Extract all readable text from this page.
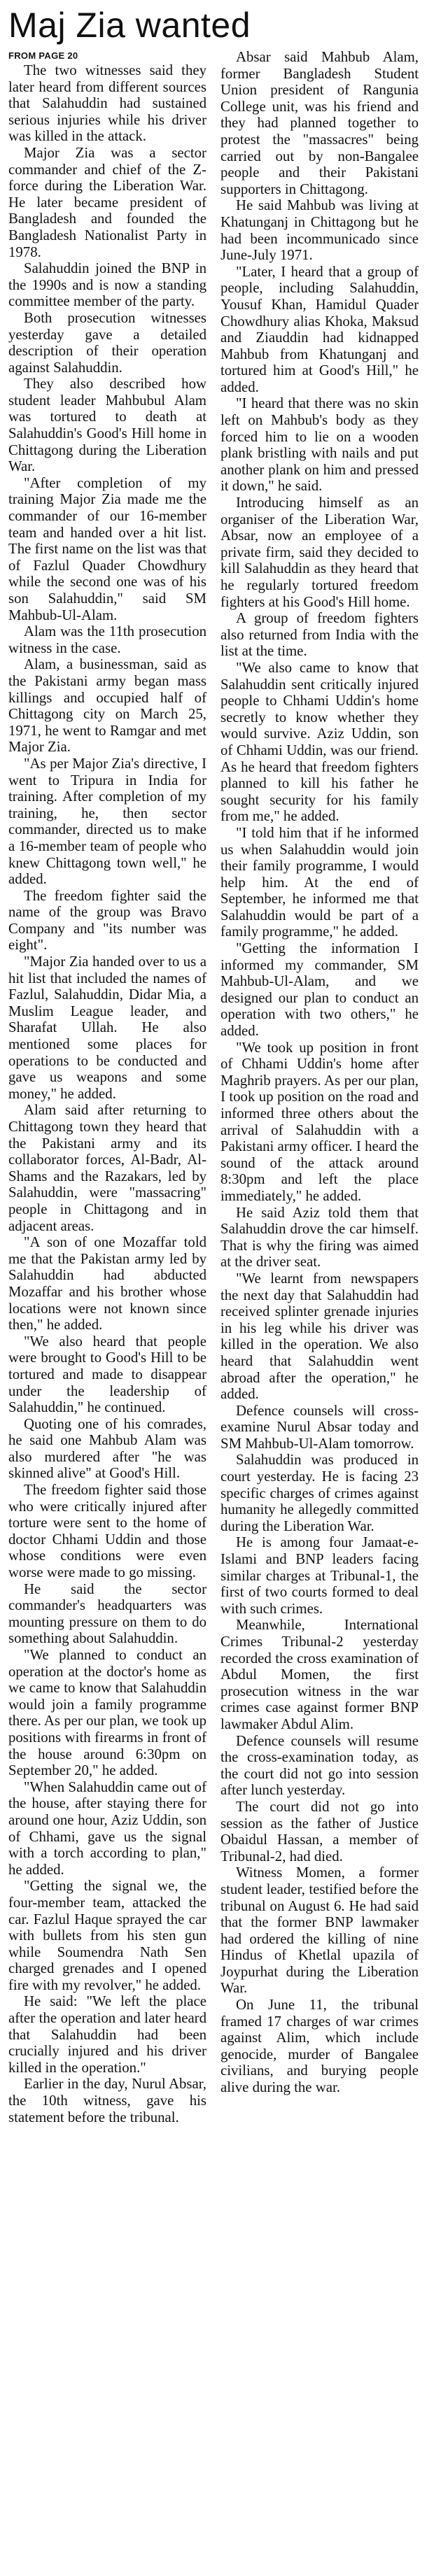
Maj Zia wanted
FROM PAGE 20

The two witnesses said they later heard from different sources that Salahuddin had sustained serious injuries while his driver was killed in the attack.

Major Zia was a sector commander and chief of the Z-force during the Liberation War. He later became president of Bangladesh and founded the Bangladesh Nationalist Party in 1978.

Salahuddin joined the BNP in the 1990s and is now a standing committee member of the party.

Both prosecution witnesses yesterday gave a detailed description of their operation against Salahuddin.

They also described how student leader Mahbubul Alam was tortured to death at Salahuddin's Good's Hill home in Chittagong during the Liberation War.

"After completion of my training Major Zia made me the commander of our 16-member team and handed over a hit list. The first name on the list was that of Fazlul Quader Chowdhury while the second one was of his son Salahuddin," said SM Mahbub-Ul-Alam.

Alam was the 11th prosecution witness in the case.

Alam, a businessman, said as the Pakistani army began mass killings and occupied half of Chittagong city on March 25, 1971, he went to Ramgar and met Major Zia.

"As per Major Zia's directive, I went to Tripura in India for training. After completion of my training, he, then sector commander, directed us to make a 16-member team of people who knew Chittagong town well," he added.

The freedom fighter said the name of the group was Bravo Company and "its number was eight".

"Major Zia handed over to us a hit list that included the names of Fazlul, Salahuddin, Didar Mia, a Muslim League leader, and Sharafat Ullah. He also mentioned some places for operations to be conducted and gave us weapons and some money," he added.

Alam said after returning to Chittagong town they heard that the Pakistani army and its collaborator forces, Al-Badr, Al-Shams and the Razakars, led by Salahuddin, were "massacring" people in Chittagong and in adjacent areas.

"A son of one Mozaffar told me that the Pakistan army led by Salahuddin had abducted Mozaffar and his brother whose locations were not known since then," he added.

"We also heard that people were brought to Good's Hill to be tortured and made to disappear under the leadership of Salahuddin," he continued.

Quoting one of his comrades, he said one Mahbub Alam was also murdered after "he was skinned alive" at Good's Hill.

The freedom fighter said those who were critically injured after torture were sent to the home of doctor Chhami Uddin and those whose conditions were even worse were made to go missing.

He said the sector commander's headquarters was mounting pressure on them to do something about Salahuddin.

"We planned to conduct an operation at the doctor's home as we came to know that Salahuddin would join a family programme there. As per our plan, we took up positions with firearms in front of the house around 6:30pm on September 20," he added.

"When Salahuddin came out of the house, after staying there for around one hour, Aziz Uddin, son of Chhami, gave us the signal with a torch according to plan," he added.

"Getting the signal we, the four-member team, attacked the car. Fazlul Haque sprayed the car with bullets from his sten gun while Soumendra Nath Sen charged grenades and I opened fire with my revolver," he added.

He said: "We left the place after the operation and later heard that Salahuddin had been crucially injured and his driver killed in the operation."

Earlier in the day, Nurul Absar, the 10th witness, gave his statement before the tribunal.

Absar said Mahbub Alam, former Bangladesh Student Union president of Rangunia College unit, was his friend and they had planned together to protest the "massacres" being carried out by non-Bangalee people and their Pakistani supporters in Chittagong.

He said Mahbub was living at Khatunganj in Chittagong but he had been incommunicado since June-July 1971.

"Later, I heard that a group of people, including Salahuddin, Yousuf Khan, Hamidul Quader Chowdhury alias Khoka, Maksud and Ziauddin had kidnapped Mahbub from Khatunganj and tortured him at Good's Hill," he added.

"I heard that there was no skin left on Mahbub's body as they forced him to lie on a wooden plank bristling with nails and put another plank on him and pressed it down," he said.

Introducing himself as an organiser of the Liberation War, Absar, now an employee of a private firm, said they decided to kill Salahuddin as they heard that he regularly tortured freedom fighters at his Good's Hill home.

A group of freedom fighters also returned from India with the list at the time.

"We also came to know that Salahuddin sent critically injured people to Chhami Uddin's home secretly to know whether they would survive. Aziz Uddin, son of Chhami Uddin, was our friend. As he heard that freedom fighters planned to kill his father he sought security for his family from me," he added.

"I told him that if he informed us when Salahuddin would join their family programme, I would help him. At the end of September, he informed me that Salahuddin would be part of a family programme," he added.

"Getting the information I informed my commander, SM Mahbub-Ul-Alam, and we designed our plan to conduct an operation with two others," he added.

"We took up position in front of Chhami Uddin's home after Maghrib prayers. As per our plan, I took up position on the road and informed three others about the arrival of Salahuddin with a Pakistani army officer. I heard the sound of the attack around 8:30pm and left the place immediately," he added.

He said Aziz told them that Salahuddin drove the car himself. That is why the firing was aimed at the driver seat.

"We learnt from newspapers the next day that Salahuddin had received splinter grenade injuries in his leg while his driver was killed in the operation. We also heard that Salahuddin went abroad after the operation," he added.

Defence counsels will cross-examine Nurul Absar today and SM Mahbub-Ul-Alam tomorrow.

Salahuddin was produced in court yesterday. He is facing 23 specific charges of crimes against humanity he allegedly committed during the Liberation War.

He is among four Jamaat-e-Islami and BNP leaders facing similar charges at Tribunal-1, the first of two courts formed to deal with such crimes.

Meanwhile, International Crimes Tribunal-2 yesterday recorded the cross examination of Abdul Momen, the first prosecution witness in the war crimes case against former BNP lawmaker Abdul Alim.

Defence counsels will resume the cross-examination today, as the court did not go into session after lunch yesterday.

The court did not go into session as the father of Justice Obaidul Hassan, a member of Tribunal-2, had died.

Witness Momen, a former student leader, testified before the tribunal on August 6. He had said that the former BNP lawmaker had ordered the killing of nine Hindus of Khetlal upazila of Joypurhat during the Liberation War.

On June 11, the tribunal framed 17 charges of war crimes against Alim, which include genocide, murder of Bangalee civilians, and burying people alive during the war.
